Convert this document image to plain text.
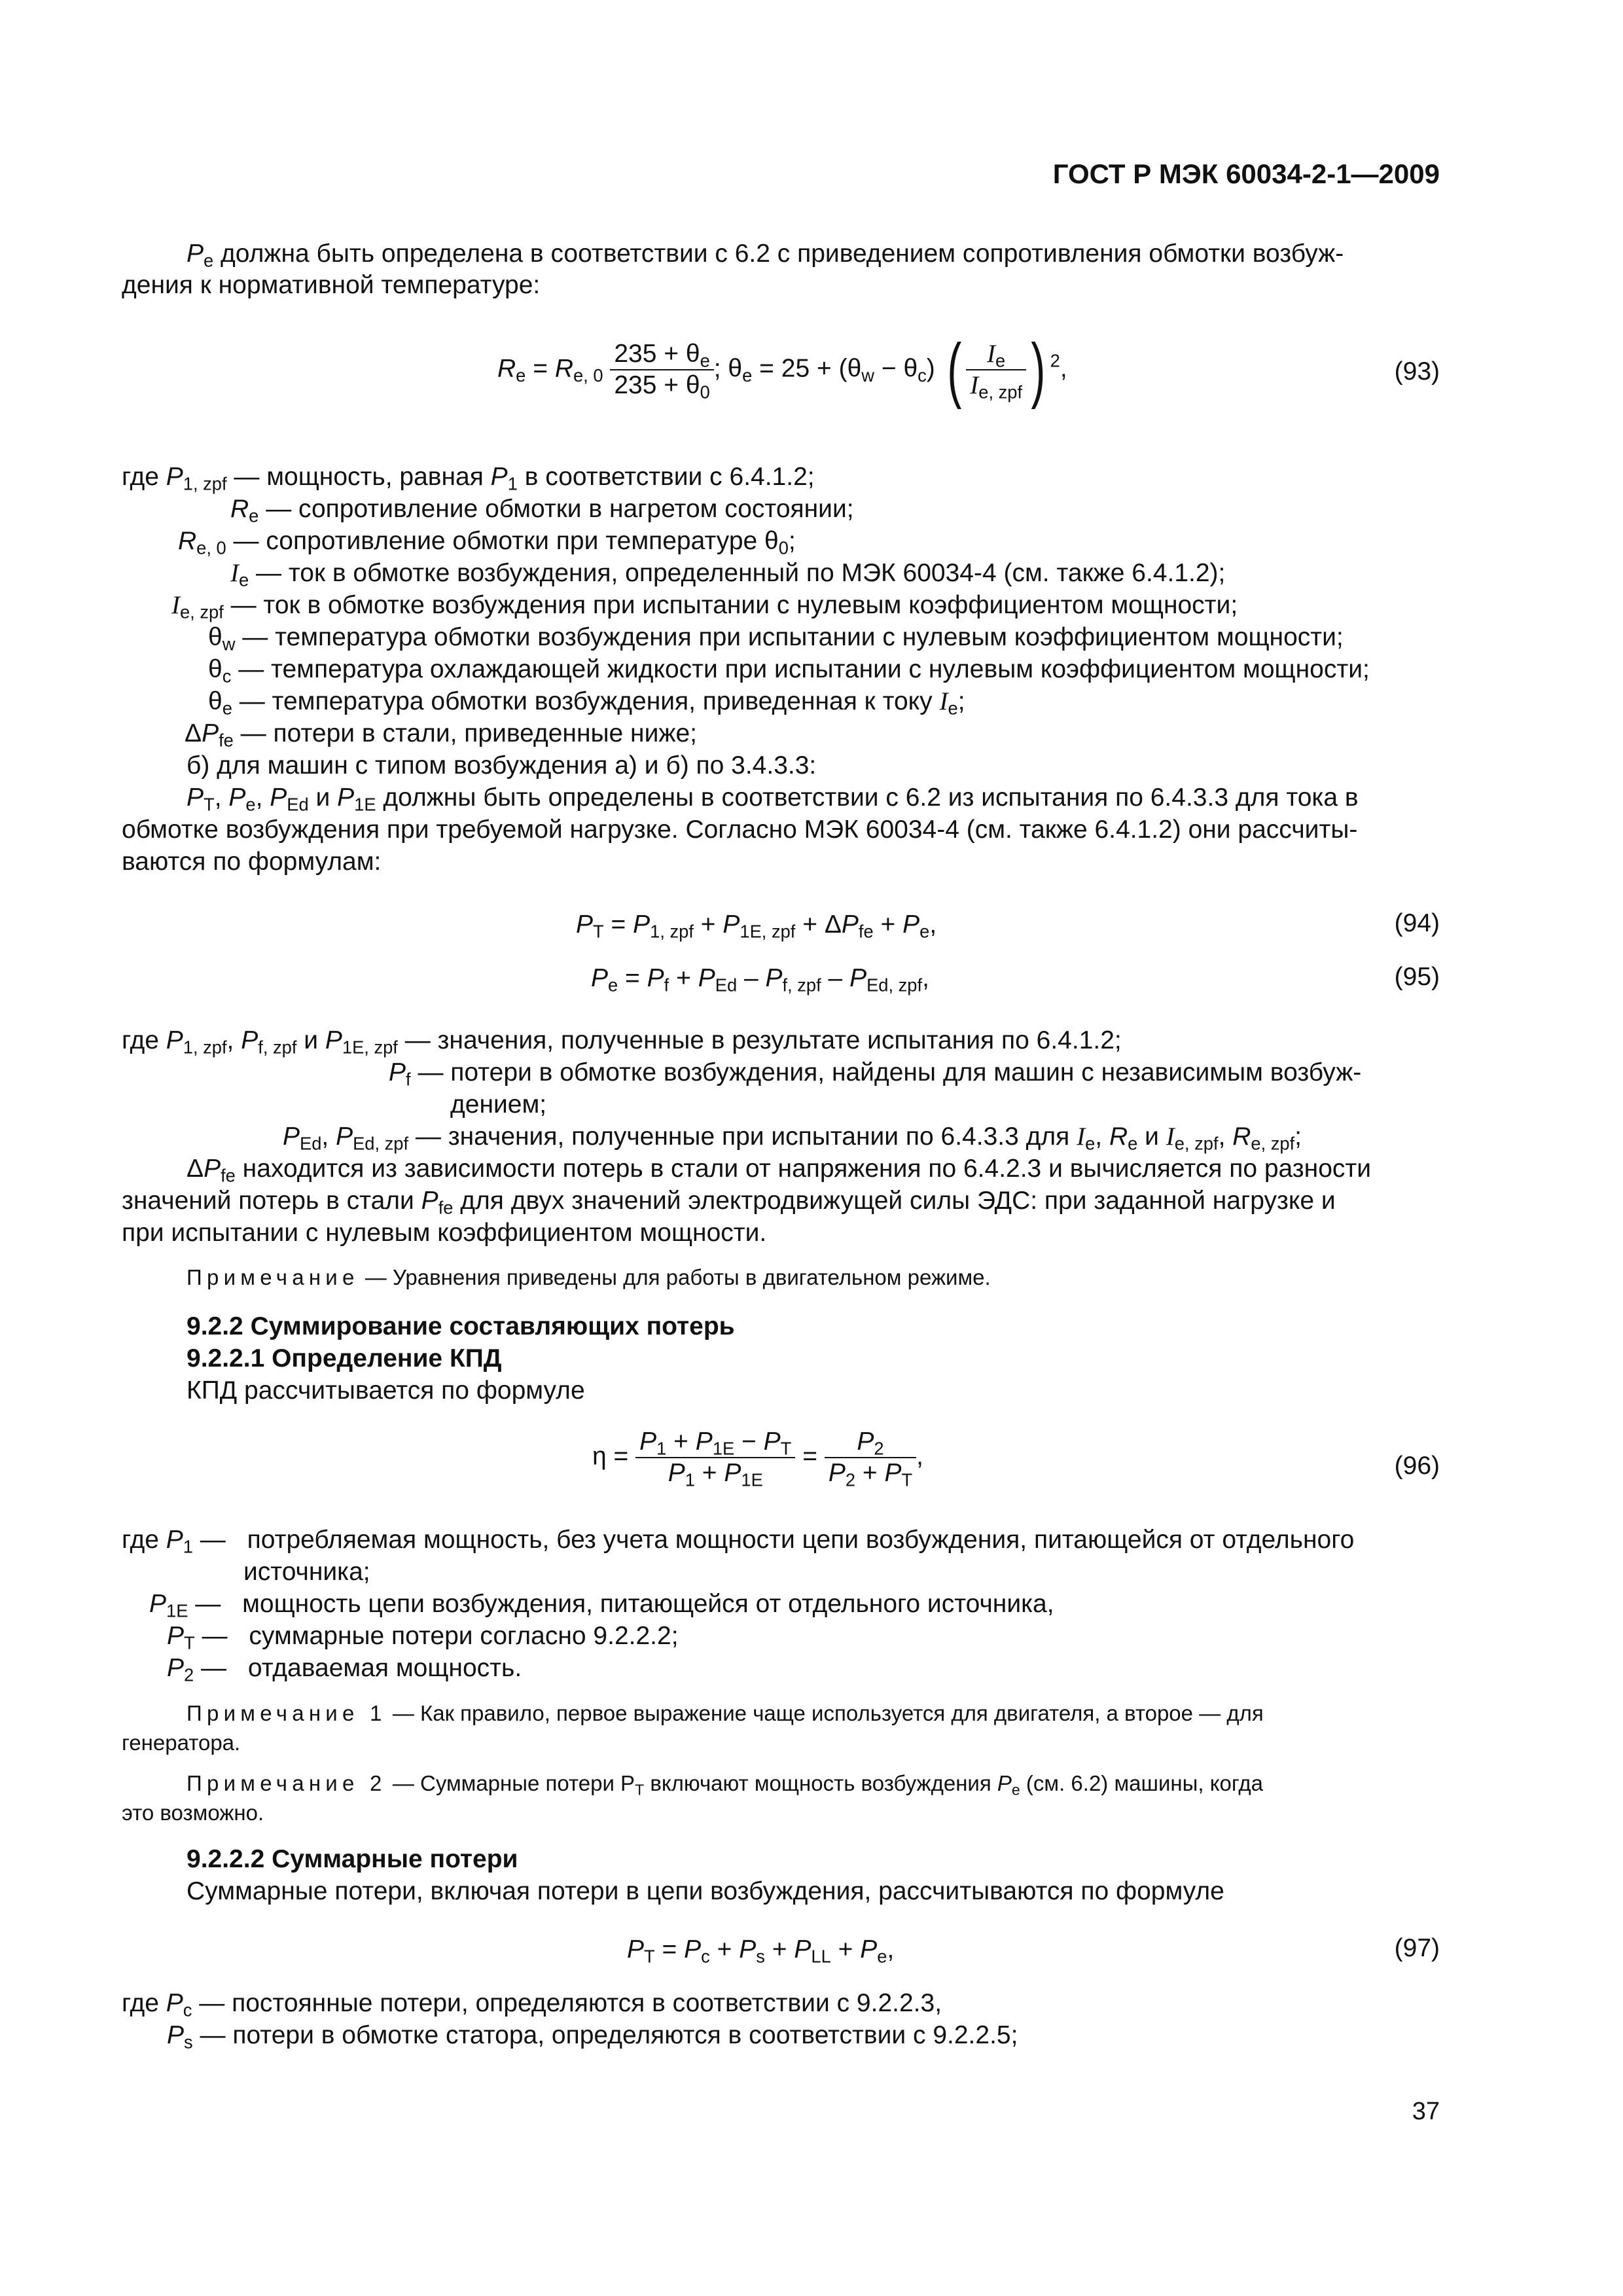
ГОСТ Р МЭК 60034-2-1—2009
$P_e$ должна быть определена в соответствии с 6.2 с приведением сопротивления обмотки возбуж-
дения к нормативной температуре:
$R_e = R_{e, 0} \frac{235 + \theta_e}{235 + \theta_0}$ ; $\theta_e = 25 + (\theta_w - \theta_c)$ ( $\frac{I_e}{I_{e, zpf}}$ ) $^2$,	(93)
где $P_{1, zpf}$ — мощность, равная $P_1$ в соответствии с 6.4.1.2;
$R_e$ — сопротивление обмотки в нагретом состоянии;
$R_{e, 0}$ — сопротивление обмотки при температуре $\theta_0$;
$I_e$ — ток в обмотке возбуждения, определенный по МЭК 60034-4 (см. также 6.4.1.2);
$I_{e, zpf}$ — ток в обмотке возбуждения при испытании с нулевым коэффициентом мощности;
$\theta_w$ — температура обмотки возбуждения при испытании с нулевым коэффициентом мощности;
$\theta_c$ — температура охлаждающей жидкости при испытании с нулевым коэффициентом мощности;
$\theta_e$ — температура обмотки возбуждения, приведенная к току $I_e$;
$\Delta P_{fe}$ — потери в стали, приведенные ниже;
б) для машин с типом возбуждения а) и б) по 3.4.3.3:
$P_T$, $P_e$, $P_{Ed}$ и $P_{1E}$ должны быть определены в соответствии с 6.2 из испытания по 6.4.3.3 для тока в
обмотке возбуждения при требуемой нагрузке. Согласно МЭК 60034-4 (см. также 6.4.1.2) они рассчиты-
ваются по формулам:
$P_T = P_{1, zpf} + P_{1E, zpf} + \Delta P_{fe} + P_e$,	(94)
$P_e = P_f + P_{Ed} - P_{f, zpf} - P_{Ed, zpf}$,	(95)
где $P_{1, zpf}$, $P_{f, zpf}$ и $P_{1E, zpf}$ — значения, полученные в результате испытания по 6.4.1.2;
$P_f$ — потери в обмотке возбуждения, найдены для машин с независимым возбуж-
дением;
$P_{Ed}$, $P_{Ed, zpf}$ — значения, полученные при испытании по 6.4.3.3 для $I_e$, $R_e$ и $I_{e, zpf}$, $R_{e, zpf}$;
$\Delta P_{fe}$ находится из зависимости потерь в стали от напряжения по 6.4.2.3 и вычисляется по разности
значений потерь в стали $P_{fe}$ для двух значений электродвижущей силы ЭДС: при заданной нагрузке и
при испытании с нулевым коэффициентом мощности.
Примечание — Уравнения приведены для работы в двигательном режиме.
9.2.2 Суммирование составляющих потерь
9.2.2.1 Определение КПД
КПД рассчитывается по формуле
$\eta = \frac{P_1 + P_{1E} - P_T}{P_1 + P_{1E}} = \frac{P_2}{P_2 + P_T}$ ,	(96)
где $P_1$ — потребляемая мощность, без учета мощности цепи возбуждения, питающейся от отдельного
источника;
$P_{1E}$ — мощность цепи возбуждения, питающейся от отдельного источника,
$P_T$ — суммарные потери согласно 9.2.2.2;
$P_2$ — отдаваемая мощность.
Примечание 1 — Как правило, первое выражение чаще используется для двигателя, а второе — для
генератора.
Примечание 2 — Суммарные потери $P_T$ включают мощность возбуждения $P_e$ (см. 6.2) машины, когда
это возможно.
9.2.2.2 Суммарные потери
Суммарные потери, включая потери в цепи возбуждения, рассчитываются по формуле
$P_T = P_c + P_s + P_{LL} + P_e$,	(97)
где $P_c$ — постоянные потери, определяются в соответствии с 9.2.2.3,
$P_s$ — потери в обмотке статора, определяются в соответствии с 9.2.2.5;
37
